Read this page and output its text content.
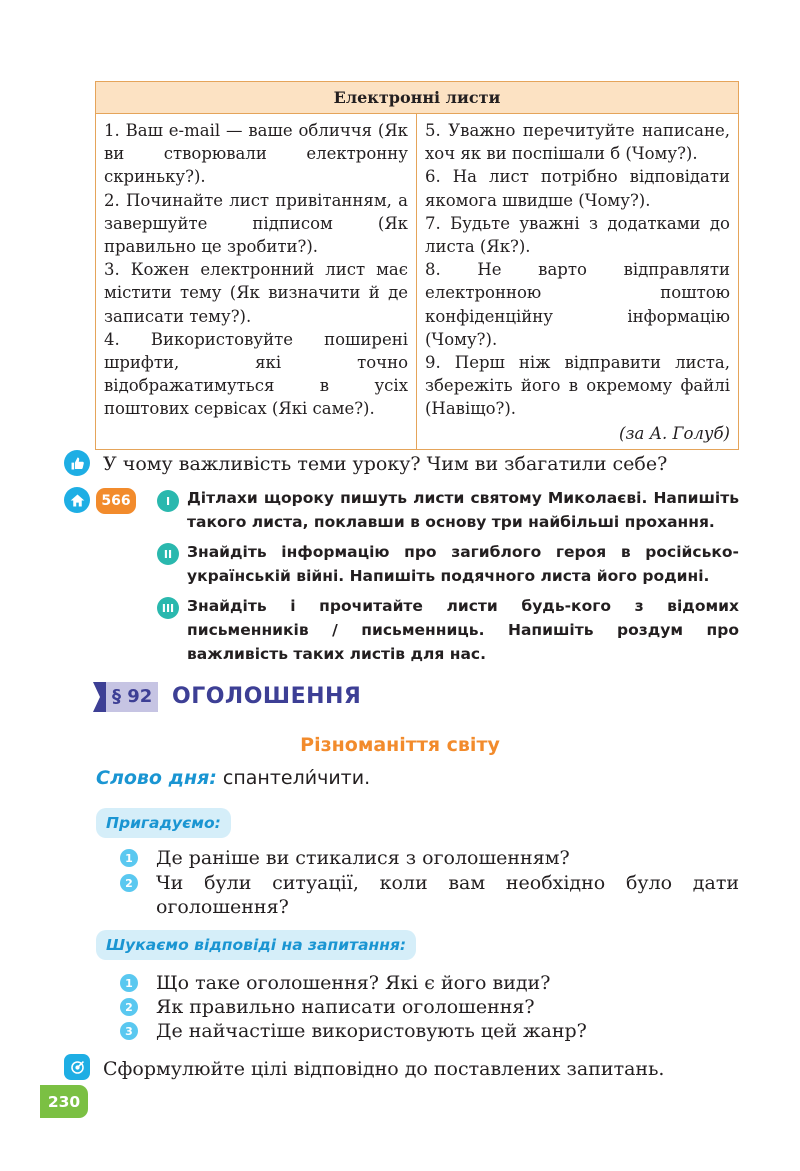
Електронні листи

1. Ваш e-mail — ваше обличчя (Як ви створювали електронну скриньку?).

2. Починайте лист привітанням, а завершуйте підписом (Як правильно це зробити?).

3. Кожен електронний лист має містити тему (Як визначити й де записати тему?).

4. Використовуйте поширені шрифти, які точно відображатимуться в усіх поштових сервісах (Які саме?).

5. Уважно перечитуйте написане, хоч як ви поспішали б (Чому?).

6. На лист потрібно відповідати якомога швидше (Чому?).

7. Будьте уважні з додатками до листа (Як?).

8. Не варто відправляти електронною поштою конфіденційну інформацію (Чому?).

9. Перш ніж відправити листа, збережіть його в окремому файлі (Навіщо?).

(за А. Голуб)
У чому важливість теми уроку? Чим ви збагатили себе?
566	I	Дітлахи щороку пишуть листи святому Миколаєві. Напишіть такого листа, поклавши в основу три найбільші прохання.
II Знайдіть інформацію про загиблого героя в російсько-українській війні. Напишіть подячного листа його родині.
III Знайдіть і прочитайте листи будь-кого з відомих письменників / письменниць. Напишіть роздум про важливість таких листів для нас.
§ 92 ОГОЛОШЕННЯ
Різноманіття світу
Слово дня: спантели́чити.
Пригадуємо:
1 Де раніше ви стикалися з оголошенням?
2 Чи були ситуації, коли вам необхідно було дати оголошення?
Шукаємо відповіді на запитання:
1 Що таке оголошення? Які є його види?
2 Як правильно написати оголошення?
3 Де найчастіше використовують цей жанр?
Сформулюйте цілі відповідно до поставлених запитань.
230
